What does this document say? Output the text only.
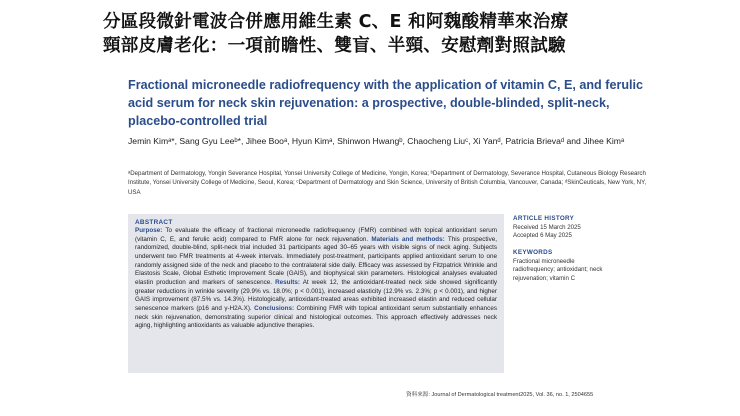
分區段微針電波合併應用維生素 C、E 和阿魏酸精華來治療
頸部皮膚老化：一項前瞻性、雙盲、半頸、安慰劑對照試驗
Fractional microneedle radiofrequency with the application of vitamin C, E, and ferulic acid serum for neck skin rejuvenation: a prospective, double-blinded, split-neck, placebo-controlled trial
Jemin Kimᵃ*, Sang Gyu Leeᵇ*, Jihee Booᵃ, Hyun Kimᵃ, Shinwon Hwangᵇ, Chaocheng Liuᶜ, Xi Yanᵈ, Patricia Brievaᵈ and Jihee Kimᵃ
ᵃDepartment of Dermatology, Yongin Severance Hospital, Yonsei University College of Medicine, Yongin, Korea; ᵇDepartment of Dermatology, Severance Hospital, Cutaneous Biology Research Institute, Yonsei University College of Medicine, Seoul, Korea; ᶜDepartment of Dermatology and Skin Science, University of British Columbia, Vancouver, Canada; ᵈSkinCeuticals, New York, NY, USA
ABSTRACT

Purpose: To evaluate the efficacy of fractional microneedle radiofrequency (FMR) combined with topical antioxidant serum (vitamin C, E, and ferulic acid) compared to FMR alone for neck rejuvenation. Materials and methods: This prospective, randomized, double-blind, split-neck trial included 31 participants aged 30–65 years with visible signs of neck aging. Subjects underwent two FMR treatments at 4-week intervals. Immediately post-treatment, participants applied antioxidant serum to one randomly assigned side of the neck and placebo to the contralateral side daily. Efficacy was assessed by Fitzpatrick Wrinkle and Elastosis Scale, Global Esthetic Improvement Scale (GAIS), and biophysical skin parameters. Histological analyses evaluated elastin production and markers of senescence. Results: At week 12, the antioxidant-treated neck side showed significantly greater reductions in wrinkle severity (29.9% vs. 18.0%; p < 0.001), increased elasticity (12.9% vs. 2.3%; p < 0.001), and higher GAIS improvement (87.5% vs. 14.3%). Histologically, antioxidant-treated areas exhibited increased elastin and reduced cellular senescence markers (p16 and γ-H2A.X). Conclusions: Combining FMR with topical antioxidant serum substantially enhances neck skin rejuvenation, demonstrating superior clinical and histological outcomes. This approach effectively addresses neck aging, highlighting antioxidants as valuable adjunctive therapies.

ARTICLE HISTORY
Received 15 March 2025
Accepted 6 May 2025
KEYWORDS
Fractional microneedle radiofrequency; antioxidant; neck rejuvenation; vitamin C
資料來源: Journal of Dermatological treatment2025, Vol. 36, no. 1, 2504655
